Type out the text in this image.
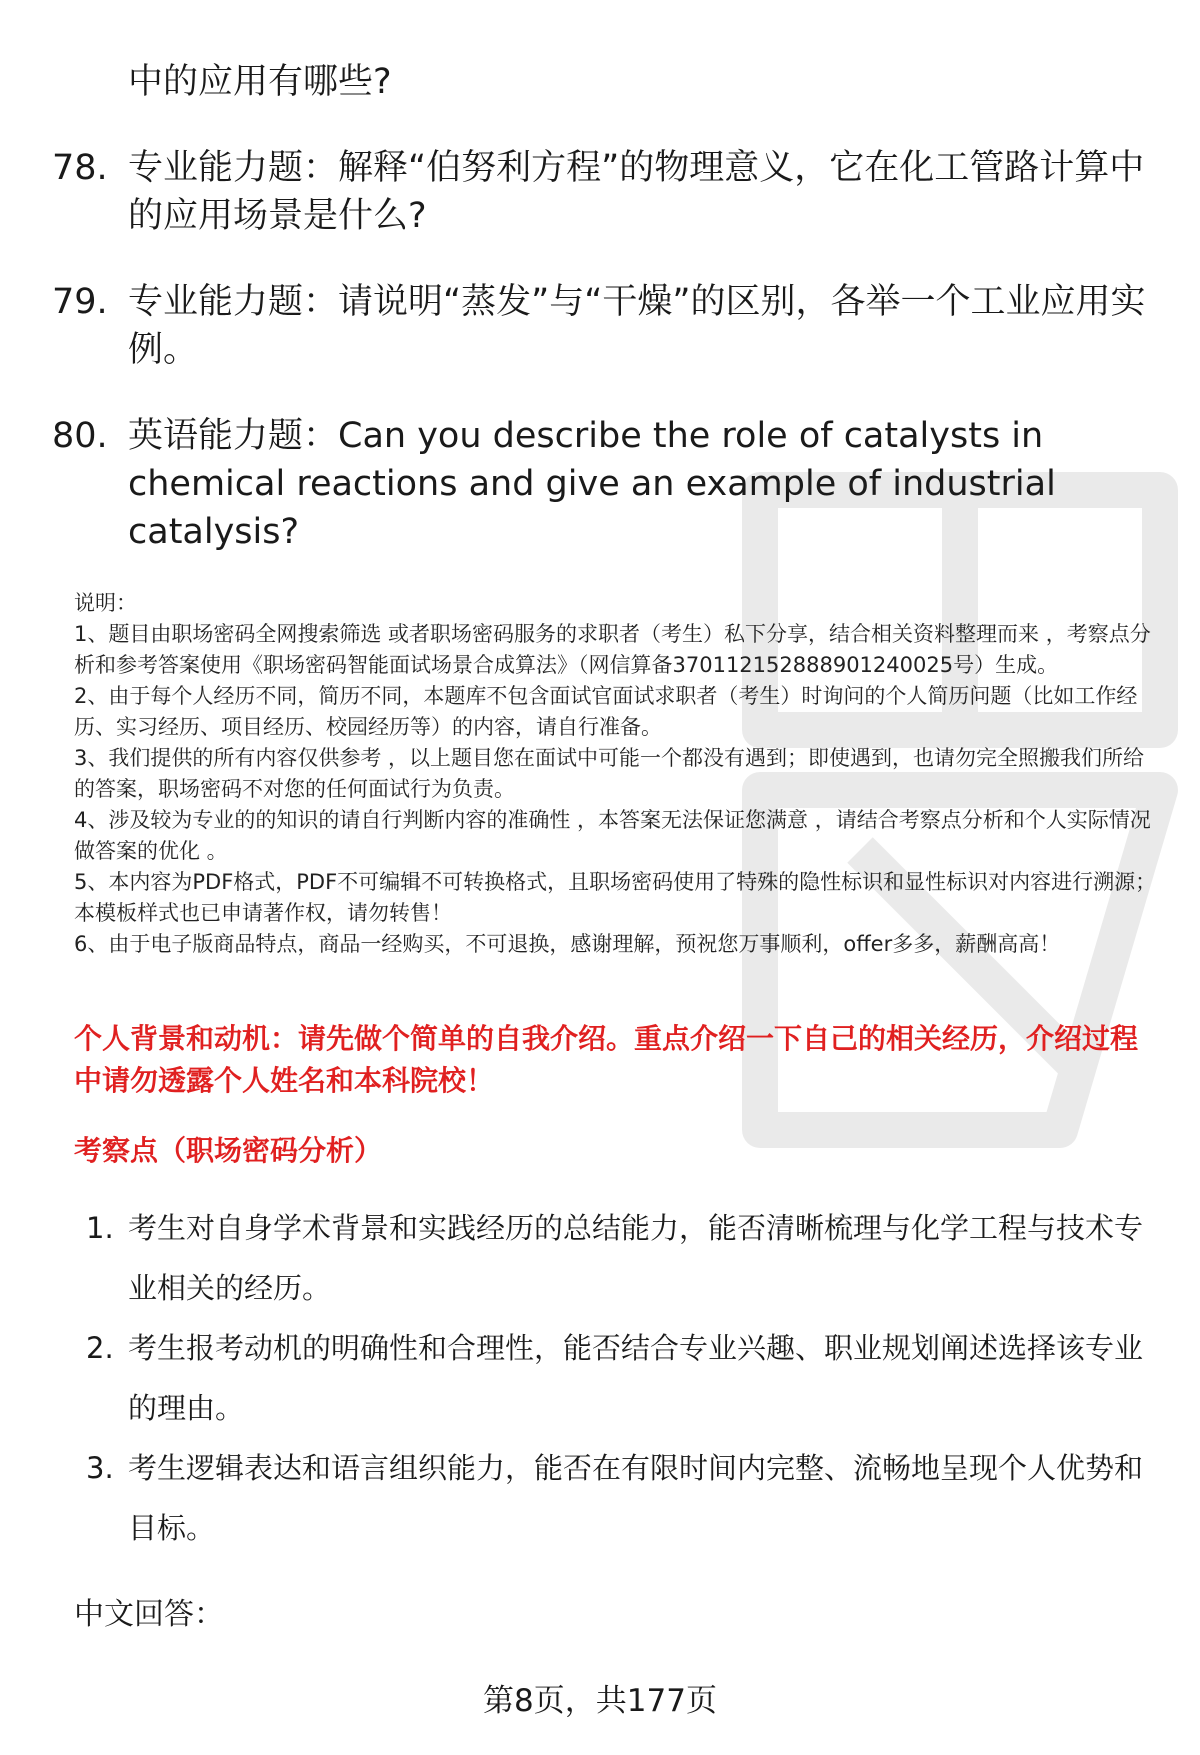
中的应用有哪些?
78. 专业能力题：解释“伯努利方程”的物理意义，它在化工管路计算中的应用场景是什么?
79. 专业能力题：请说明“蒸发”与“干燥”的区别，各举一个工业应用实例。
80. 英语能力题：Can you describe the role of catalysts in chemical reactions and give an example of industrial catalysis?

说明：

1、题目由职场密码全网搜索筛选 或者职场密码服务的求职者（考生）私下分享，结合相关资料整理而来 ，考察点分析和参考答案使用《职场密码智能面试场景合成算法》（网信算备370112152888901240025号）生成。

2、由于每个人经历不同，简历不同，本题库不包含面试官面试求职者（考生）时询问的个人简历问题（比如工作经历、实习经历、项目经历、校园经历等）的内容，请自行准备。

3、我们提供的所有内容仅供参考 ，以上题目您在面试中可能一个都没有遇到；即使遇到，也请勿完全照搬我们所给的答案，职场密码不对您的任何面试行为负责。

4、涉及较为专业的的知识的请自行判断内容的准确性 ，本答案无法保证您满意 ，请结合考察点分析和个人实际情况做答案的优化 。

5、本内容为PDF格式，PDF不可编辑不可转换格式，且职场密码使用了特殊的隐性标识和显性标识对内容进行溯源；本模板样式也已申请著作权，请勿转售！

6、由于电子版商品特点，商品一经购买，不可退换，感谢理解，预祝您万事顺利，offer多多，薪酬高高！

个人背景和动机：请先做个简单的自我介绍。重点介绍一下自己的相关经历，介绍过程中请勿透露个人姓名和本科院校！
考察点（职场密码分析）
1. 考生对自身学术背景和实践经历的总结能力，能否清晰梳理与化学工程与技术专业相关的经历。
2. 考生报考动机的明确性和合理性，能否结合专业兴趣、职业规划阐述选择该专业的理由。
3. 考生逻辑表达和语言组织能力，能否在有限时间内完整、流畅地呈现个人优势和目标。
中文回答：
第8页，共177页
